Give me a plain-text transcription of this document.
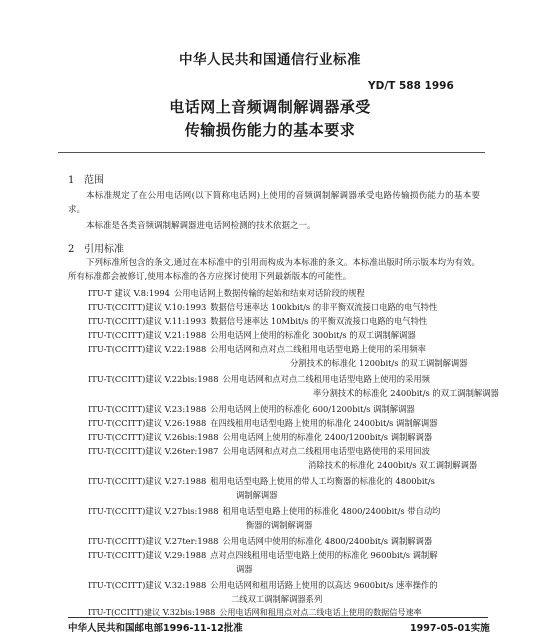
中华人民共和国通信行业标准
YD/T 588 1996
电话网上音频调制解调器承受
传输损伤能力的基本要求
1 范围
本标准规定了在公用电话网(以下简称电话网)上使用的音频调制解调器承受电路传输损伤能力的基本要求。
本标准是各类音频调制解调器进电话网检测的技术依据之一。
2 引用标准
下列标准所包含的条文,通过在本标准中的引用而构成为本标准的条文。本标准出版时所示版本均为有效。所有标准都会被修订,使用本标准的各方应探讨使用下列最新版本的可能性。
ITU-T 建议 V.8:1994 公用电话网上数据传输的起始和结束对话阶段的规程
ITU-T(CCITT)建议 V.10:1993 数据信号速率达 100kbit/s 的非平衡双流接口电路的电气特性
ITU-T(CCITT)建议 V.11:1993 数据信号速率达 10Mbit/s 的平衡双流接口电路的电气特性
ITU-T(CCITT)建议 V.21:1988 公用电话网上使用的标准化 300bit/s 的双工调制解调器
ITU-T(CCITT)建议 V.22:1988 公用电话网和点对点二线租用电话型电路上使用的采用频率
分割技术的标准化 1200bit/s 的双工调制解调器
ITU-T(CCITT)建议 V.22bis:1988 公用电话网和点对点二线租用电话型电路上使用的采用频
率分割技术的标准化 2400bit/s 的双工调制解调器
ITU-T(CCITT)建议 V.23:1988 公用电话网上使用的标准化 600/1200bit/s 调制解调器
ITU-T(CCITT)建议 V.26:1988 在四线租用电话型电路上使用的标准化 2400bit/s 调制解调器
ITU-T(CCITT)建议 V.26bis:1988 公用电话网上使用的标准化 2400/1200bit/s 调制解调器
ITU-T(CCITT)建议 V.26ter:1987 公用电话网和点对点二线租用电话型电路使用的采用回波
消除技术的标准化 2400bit/s 双工调制解调器
ITU-T(CCITT)建议 V.27:1988 租用电话型电路上使用的带人工均衡器的标准化的 4800bit/s
调制解调器
ITU-T(CCITT)建议 V.27bis:1988 租用电话型电路上使用的标准化 4800/2400bit/s 带自动均
衡器的调制解调器
ITU-T(CCITT)建议 V.27ter:1988 公用电话网中使用的标准化 4800/2400bit/s 调制解调器
ITU-T(CCITT)建议 V.29:1988 点对点四线租用电话型电路上使用的标准化 9600bit/s 调制解
调器
ITU-T(CCITT)建议 V.32:1988 公用电话网和租用话路上使用的以高达 9600bit/s 速率操作的
二线双工调制解调器系列
ITU-T(CCITT)建议 V.32bis:1988 公用电话网和租用点对点二线电话上使用的数据信号速率
中华人民共和国邮电部1996-11-12批准	1997-05-01实施
